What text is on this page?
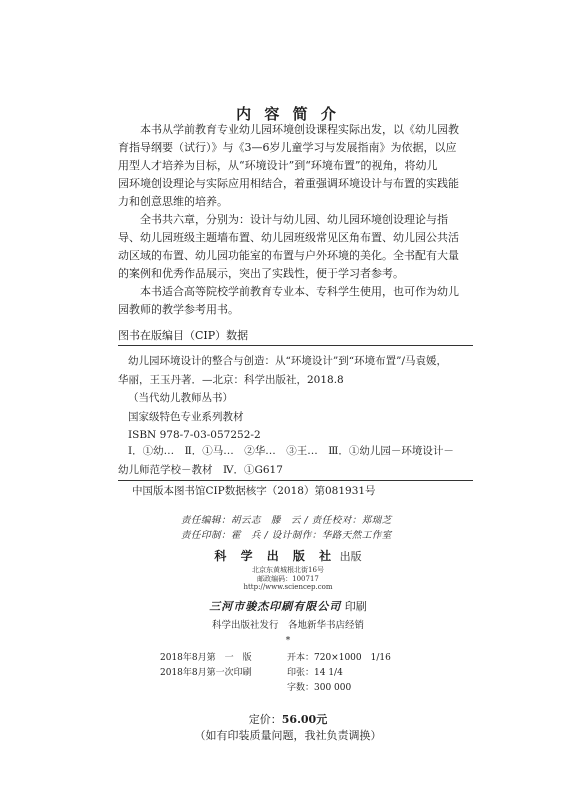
内 容 简 介
本书从学前教育专业幼儿园环境创设课程实际出发，以《幼儿园教
育指导纲要（试行）》与《3—6岁儿童学习与发展指南》为依据，以应
用型人才培养为目标，从“环境设计”到“环境布置”的视角，将幼儿
园环境创设理论与实际应用相结合，着重强调环境设计与布置的实践能
力和创意思维的培养。
全书共六章，分别为：设计与幼儿园、幼儿园环境创设理论与指
导、幼儿园班级主题墙布置、幼儿园班级常见区角布置、幼儿园公共活
动区域的布置、幼儿园功能室的布置与户外环境的美化。全书配有大量
的案例和优秀作品展示，突出了实践性，便于学习者参考。
本书适合高等院校学前教育专业本、专科学生使用，也可作为幼儿
园教师的教学参考用书。
图书在版编目（CIP）数据
幼儿园环境设计的整合与创造：从“环境设计”到“环境布置”/马袁媛，
华丽，王玉丹著．—北京：科学出版社，2018.8
（当代幼儿教师丛书）
国家级特色专业系列教材
ISBN 978-7-03-057252-2
Ⅰ．①幼…　Ⅱ．①马…　②华…　③王…　Ⅲ．①幼儿园－环境设计－
幼儿师范学校－教材　Ⅳ．①G617
中国版本图书馆CIP数据核字（2018）第081931号
责任编辑：胡云志　滕　云 / 责任校对：郑瑞芝
责任印制：霍　兵 / 设计制作：华路天然工作室
科 学 出 版 社 出版
北京东黄城根北街16号
邮政编码：100717
http://www.sciencep.com
三河市骏杰印刷有限公司 印刷
科学出版社发行　各地新华书店经销
*
2018年8月第　一　版	开本：720×1000　1/16
2018年8月第一次印刷	印张：14 1/4
字数：300 000
定价：56.00元
（如有印装质量问题，我社负责调换）
